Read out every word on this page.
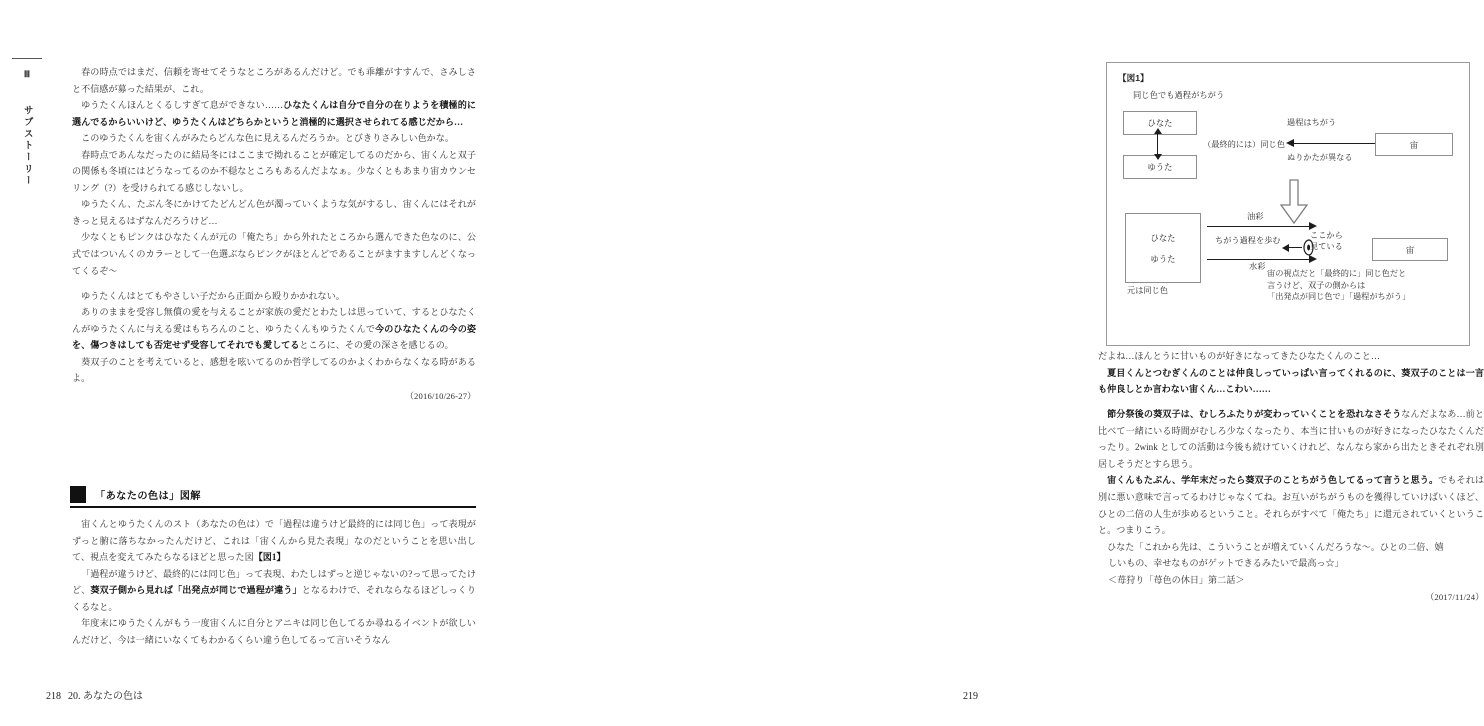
Ⅲ
サブストーリー

春の時点ではまだ、信頼を寄せてそうなところがあるんだけど。でも乖離がすすんで、さみしさと不信感が募った結果が、これ。

ゆうたくんほんとくるしすぎて息ができない……ひなたくんは自分で自分の在りようを積極的に選んでるからいいけど、ゆうたくんはどちらかというと消極的に選択させられてる感じだから…

このゆうたくんを宙くんがみたらどんな色に見えるんだろうか。とびきりさみしい色かな。

春時点であんなだったのに結局冬にはここまで拗れることが確定してるのだから、宙くんと双子の関係も冬頃にはどうなってるのか不穏なところもあるんだよなぁ。少なくともあまり宙カウンセリング（?）を受けられてる感じしないし。

ゆうたくん、たぶん冬にかけてたどんどん色が濁っていくような気がするし、宙くんにはそれがきっと見えるはずなんだろうけど…

少なくともピンクはひなたくんが元の「俺たち」から外れたところから選んできた色なのに、公式ではついんくのカラーとして一色選ぶならピンクがほとんどであることがますますしんどくなってくるぞ〜

ゆうたくんはとてもやさしい子だから正面から殴りかかれない。

ありのままを受容し無償の愛を与えることが家族の愛だとわたしは思っていて、するとひなたくんがゆうたくんに与える愛はもちろんのこと、ゆうたくんもゆうたくんで今のひなたくんの今の姿を、傷つきはしても否定せず受容してそれでも愛してるところに、その愛の深さを感じるの。

葵双子のことを考えていると、感想を呟いてるのか哲学してるのかよくわからなくなる時があるよ。

（2016/10/26-27）

「あなたの色は」図解

宙くんとゆうたくんのスト（あなたの色は）で「過程は違うけど最終的には同じ色」って表現がずっと腑に落ちなかったんだけど、これは「宙くんから見た表現」なのだということを思い出して、視点を変えてみたらなるほどと思った図【図1】

「過程が違うけど、最終的には同じ色」って表現、わたしはずっと逆じゃないの?って思ってたけど、葵双子側から見れば「出発点が同じで過程が違う」となるわけで、それならなるほどしっくりくるなと。

年度末にゆうたくんがもう一度宙くんに自分とアニキは同じ色してるか尋ねるイベントが欲しいんだけど、今は一緒にいなくてもわかるくらい違う色してるって言いそうなん

218 20. あなたの色は
【図1】
同じ色でも過程がちがう
ひなた
ゆうた
（最終的には）同じ色	宙
過程はちがう
ぬりかたが異なる
ひなた
ゆうた
元は同じ色
油彩
水彩
ちがう過程を歩む
ここから
見ている	宙
宙の視点だと「最終的に」同じ色だと
言うけど、双子の側からは
「出発点が同じ色で」「過程がちがう」

だよね…ほんとうに甘いものが好きになってきたひなたくんのこと…

夏目くんとつむぎくんのことは仲良しっていっぱい言ってくれるのに、葵双子のことは一言も仲良しとか言わない宙くん…こわい……

節分祭後の葵双子は、むしろふたりが変わっていくことを恐れなさそうなんだよなあ…前と比べて一緒にいる時間がむしろ少なくなったり、本当に甘いものが好きになったひなたくんだったり。2wink としての活動は今後も続けていくけれど、なんなら家から出たときそれぞれ別居しそうだとすら思う。

宙くんもたぶん、学年末だったら葵双子のことちがう色してるって言うと思う。でもそれは別に悪い意味で言ってるわけじゃなくてね。お互いがちがうものを獲得していけばいくほど、ひとの二倍の人生が歩めるということ。それらがすべて「俺たち」に還元されていくということ。つまりこう。

ひなた「これから先は、こういうことが増えていくんだろうな〜。ひとの二倍、嬉

しいもの、幸せなものがゲットできるみたいで最高っ☆」

＜苺狩り「苺色の休日」第二話＞

（2017/11/24）

219
